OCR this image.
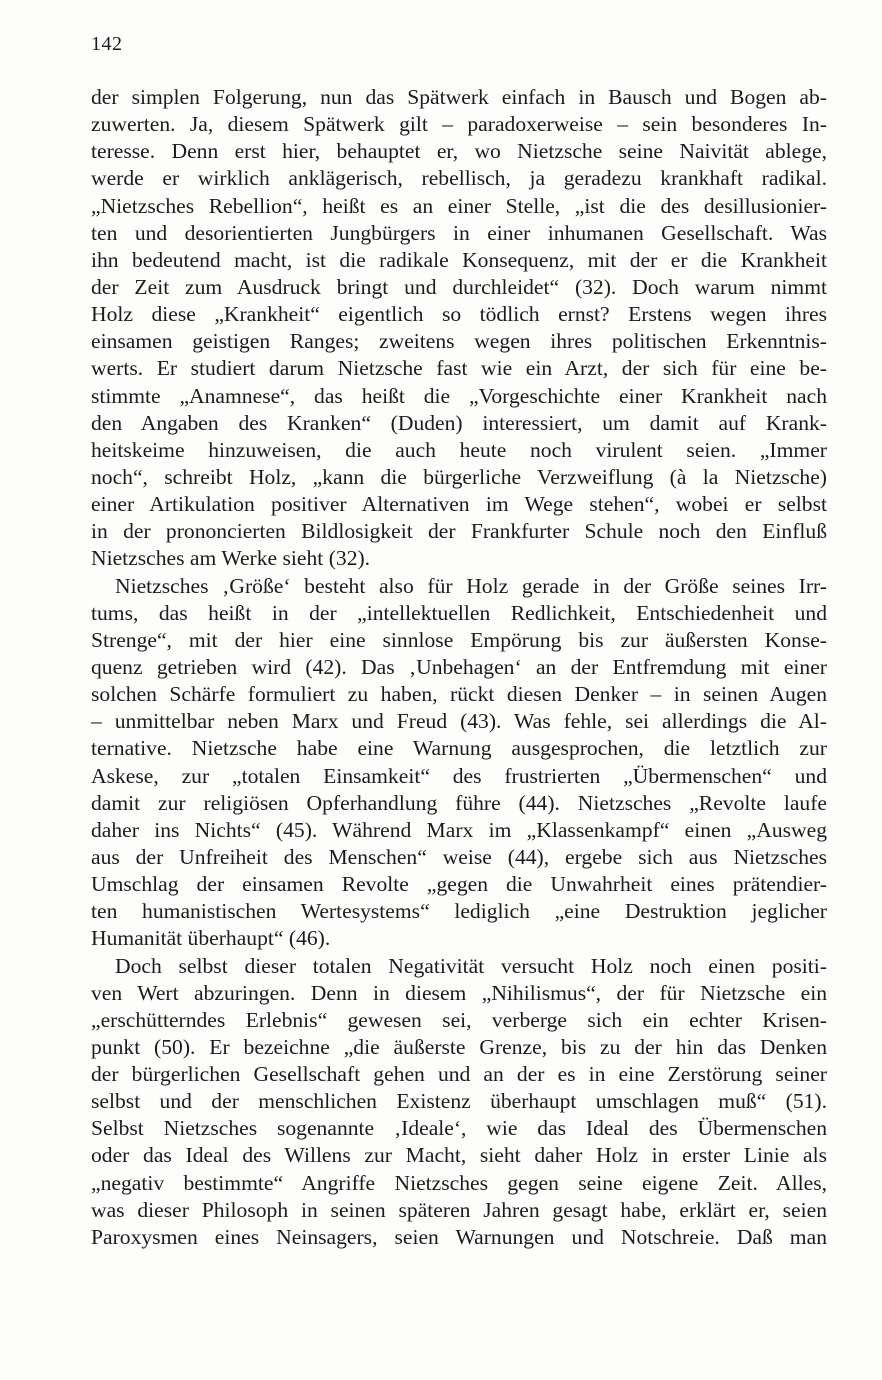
142
der simplen Folgerung, nun das Spätwerk einfach in Bausch und Bogen ab-
zuwerten. Ja, diesem Spätwerk gilt – paradoxerweise – sein besonderes In-
teresse. Denn erst hier, behauptet er, wo Nietzsche seine Naivität ablege,
werde er wirklich anklägerisch, rebellisch, ja geradezu krankhaft radikal.
„Nietzsches Rebellion“, heißt es an einer Stelle, „ist die des desillusionier-
ten und desorientierten Jungbürgers in einer inhumanen Gesellschaft. Was
ihn bedeutend macht, ist die radikale Konsequenz, mit der er die Krankheit
der Zeit zum Ausdruck bringt und durchleidet“ (32). Doch warum nimmt
Holz diese „Krankheit“ eigentlich so tödlich ernst? Erstens wegen ihres
einsamen geistigen Ranges; zweitens wegen ihres politischen Erkenntnis-
werts. Er studiert darum Nietzsche fast wie ein Arzt, der sich für eine be-
stimmte „Anamnese“, das heißt die „Vorgeschichte einer Krankheit nach
den Angaben des Kranken“ (Duden) interessiert, um damit auf Krank-
heitskeime hinzuweisen, die auch heute noch virulent seien. „Immer
noch“, schreibt Holz, „kann die bürgerliche Verzweiflung (à la Nietzsche)
einer Artikulation positiver Alternativen im Wege stehen“, wobei er selbst
in der prononcierten Bildlosigkeit der Frankfurter Schule noch den Einfluß
Nietzsches am Werke sieht (32).
Nietzsches ‚Größe‘ besteht also für Holz gerade in der Größe seines Irr-
tums, das heißt in der „intellektuellen Redlichkeit, Entschiedenheit und
Strenge“, mit der hier eine sinnlose Empörung bis zur äußersten Konse-
quenz getrieben wird (42). Das ‚Unbehagen‘ an der Entfremdung mit einer
solchen Schärfe formuliert zu haben, rückt diesen Denker – in seinen Augen
– unmittelbar neben Marx und Freud (43). Was fehle, sei allerdings die Al-
ternative. Nietzsche habe eine Warnung ausgesprochen, die letztlich zur
Askese, zur „totalen Einsamkeit“ des frustrierten „Übermenschen“ und
damit zur religiösen Opferhandlung führe (44). Nietzsches „Revolte laufe
daher ins Nichts“ (45). Während Marx im „Klassenkampf“ einen „Ausweg
aus der Unfreiheit des Menschen“ weise (44), ergebe sich aus Nietzsches
Umschlag der einsamen Revolte „gegen die Unwahrheit eines prätendier-
ten humanistischen Wertesystems“ lediglich „eine Destruktion jeglicher
Humanität überhaupt“ (46).
Doch selbst dieser totalen Negativität versucht Holz noch einen positi-
ven Wert abzuringen. Denn in diesem „Nihilismus“, der für Nietzsche ein
„erschütterndes Erlebnis“ gewesen sei, verberge sich ein echter Krisen-
punkt (50). Er bezeichne „die äußerste Grenze, bis zu der hin das Denken
der bürgerlichen Gesellschaft gehen und an der es in eine Zerstörung seiner
selbst und der menschlichen Existenz überhaupt umschlagen muß“ (51).
Selbst Nietzsches sogenannte ‚Ideale‘, wie das Ideal des Übermenschen
oder das Ideal des Willens zur Macht, sieht daher Holz in erster Linie als
„negativ bestimmte“ Angriffe Nietzsches gegen seine eigene Zeit. Alles,
was dieser Philosoph in seinen späteren Jahren gesagt habe, erklärt er, seien
Paroxysmen eines Neinsagers, seien Warnungen und Notschreie. Daß man
